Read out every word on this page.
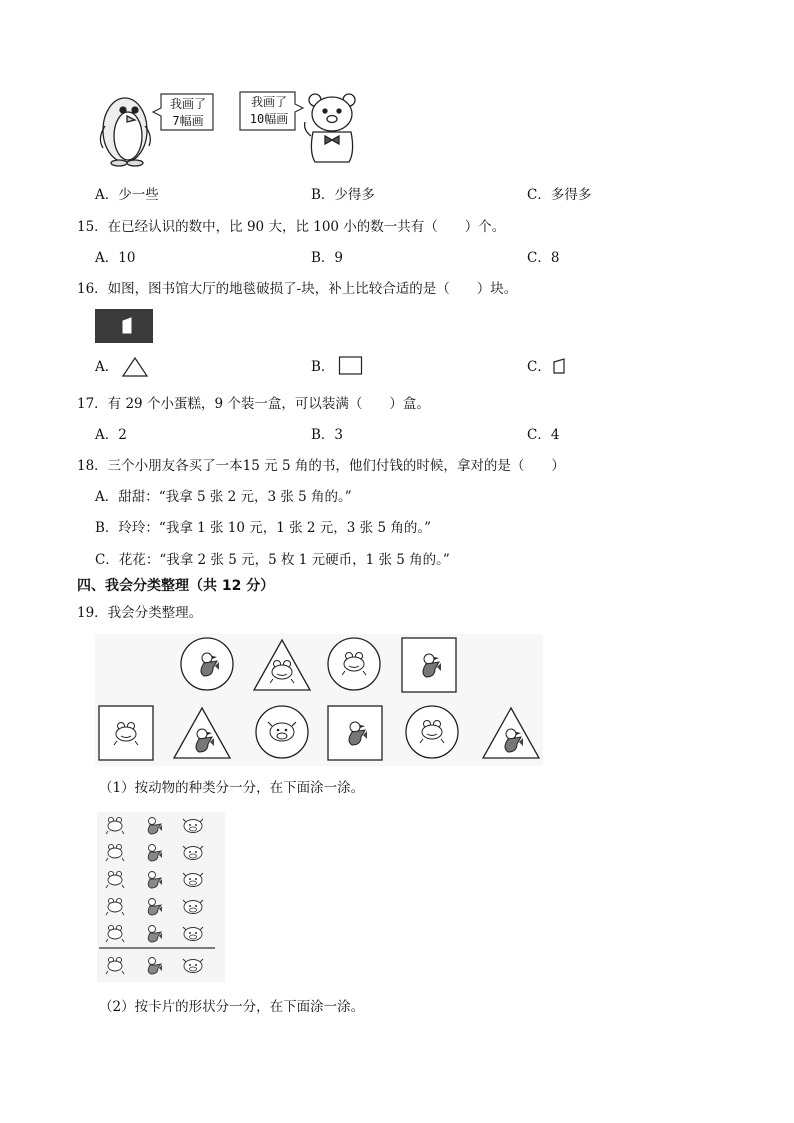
我画了
7幅画
我画了
10幅画
A．少一些	B．少得多	C．多得多
15．在已经认识的数中，比 90 大，比 100 小的数一共有（　　）个。
A．10	B．9	C．8
16．如图，图书馆大厅的地毯破损了-块，补上比较合适的是（　　）块。
A．	B．	C．
17．有 29 个小蛋糕，9 个装一盒，可以装满（　　）盒。
A．2	B．3	C．4
18．三个小朋友各买了一本15 元 5 角的书，他们付钱的时候，拿对的是（　　）
A．甜甜：“我拿 5 张 2 元，3 张 5 角的。”
B．玲玲：“我拿 1 张 10 元，1 张 2 元，3 张 5 角的。”
C．花花：“我拿 2 张 5 元，5 枚 1 元硬币，1 张 5 角的。”
四、我会分类整理（共 12 分）
19．我会分类整理。
（1）按动物的种类分一分，在下面涂一涂。
（2）按卡片的形状分一分，在下面涂一涂。
